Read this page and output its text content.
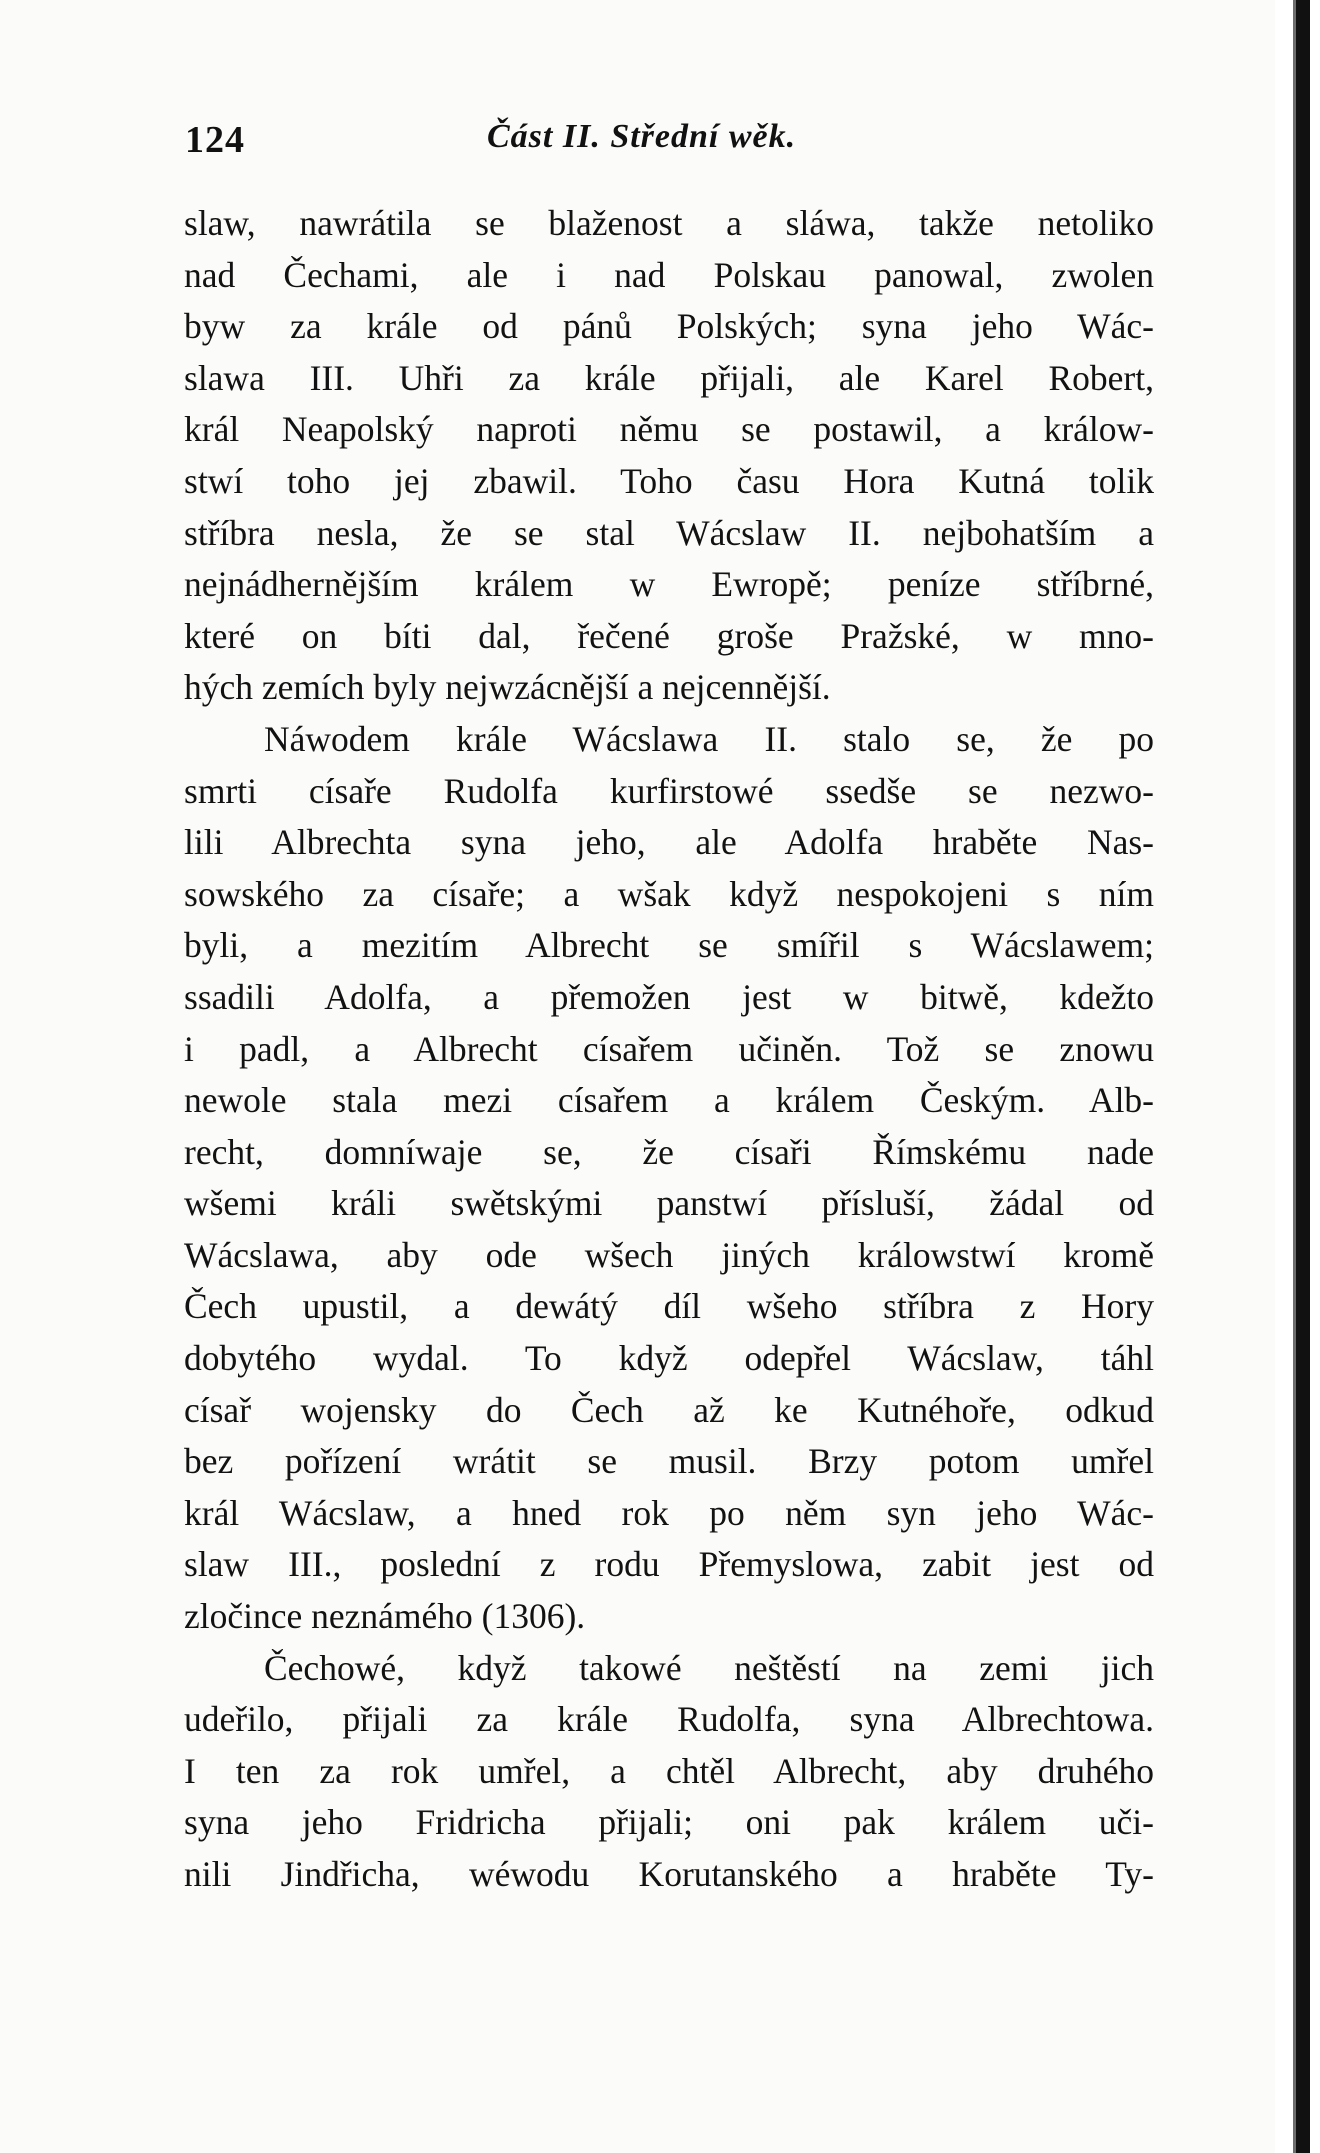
124	Část II. Střední wěk.
slaw, nawrátila se blaženost a sláwa, takže netoliko
nad Čechami, ale i nad Polskau panowal, zwolen
byw za krále od pánů Polských; syna jeho Wác-
slawa III. Uhři za krále přijali, ale Karel Robert,
král Neapolský naproti němu se postawil, a králow-
stwí toho jej zbawil. Toho času Hora Kutná tolik
stříbra nesla, že se stal Wácslaw II. nejbohatším a
nejnádhernějším králem w Ewropě; peníze stříbrné,
které on bíti dal, řečené groše Pražské, w mno-
hých zemích byly nejwzácnější a nejcennější.
Náwodem krále Wácslawa II. stalo se, že po
smrti císaře Rudolfa kurfirstowé ssedše se nezwo-
lili Albrechta syna jeho, ale Adolfa hraběte Nas-
sowského za císaře; a wšak když nespokojeni s ním
byli, a mezitím Albrecht se smířil s Wácslawem;
ssadili Adolfa, a přemožen jest w bitwě, kdežto
i padl, a Albrecht císařem učiněn. Tož se znowu
newole stala mezi císařem a králem Českým. Alb-
recht, domníwaje se, že císaři Římskému nade
wšemi králi swětskými panstwí přísluší, žádal od
Wácslawa, aby ode wšech jiných králowstwí kromě
Čech upustil, a dewátý díl wšeho stříbra z Hory
dobytého wydal. To když odepřel Wácslaw, táhl
císař wojensky do Čech až ke Kutnéhoře, odkud
bez pořízení wrátit se musil. Brzy potom umřel
král Wácslaw, a hned rok po něm syn jeho Wác-
slaw III., poslední z rodu Přemyslowa, zabit jest od
zločince neznámého (1306).
Čechowé, když takowé neštěstí na zemi jich
udeřilo, přijali za krále Rudolfa, syna Albrechtowa.
I ten za rok umřel, a chtěl Albrecht, aby druhého
syna jeho Fridricha přijali; oni pak králem uči-
nili Jindřicha, wéwodu Korutanského a hraběte Ty-
